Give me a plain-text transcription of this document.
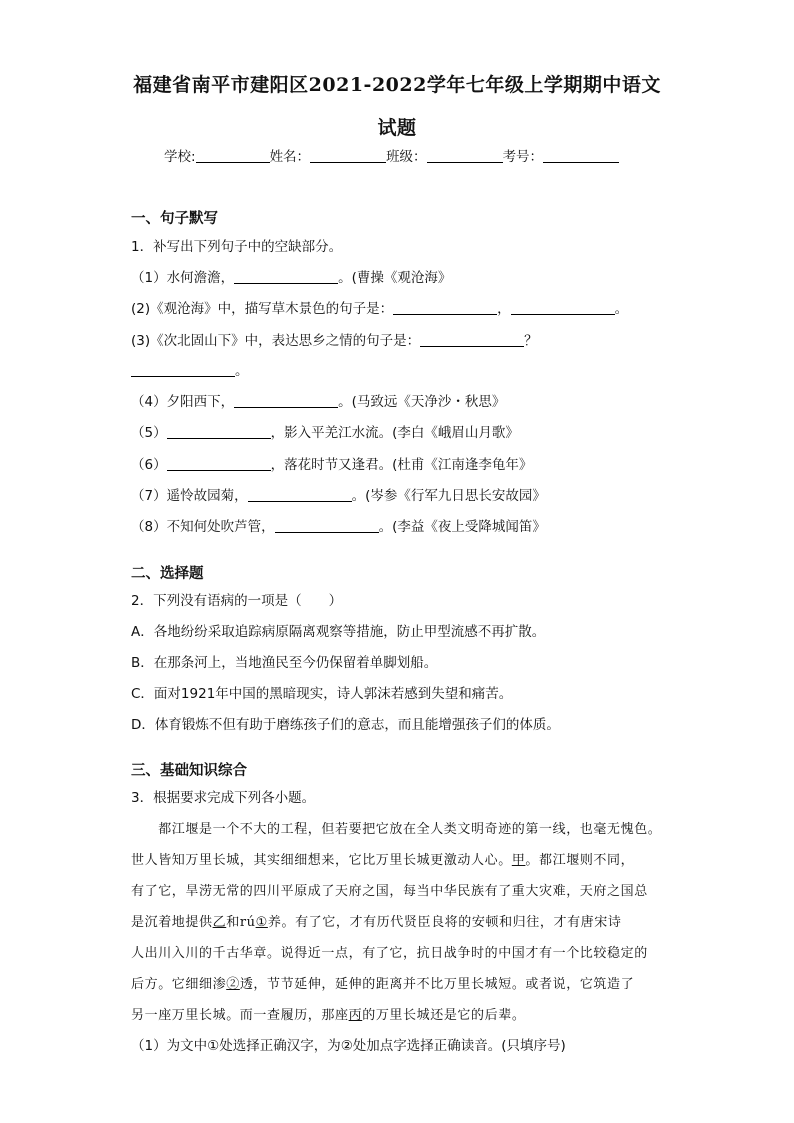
福建省南平市建阳区2021-2022学年七年级上学期期中语文
试题
学校:	姓名：	班级：	考号：
一、句子默写
1．补写出下列句子中的空缺部分。
（1）水何澹澹，	。(曹操《观沧海》
(2)《观沧海》中，描写草木景色的句子是：	，	。
(3)《次北固山下》中，表达思乡之情的句子是：	？
。
（4）夕阳西下，	。(马致远《天净沙・秋思》
（5）	，影入平羌江水流。(李白《峨眉山月歌》
（6）	，落花时节又逢君。(杜甫《江南逢李龟年》
（7）遥怜故园菊，	。(岑参《行军九日思长安故园》
（8）不知何处吹芦管，	。(李益《夜上受降城闻笛》
二、选择题
2．下列没有语病的一项是（　　）
A．各地纷纷采取追踪病原隔离观察等措施，防止甲型流感不再扩散。
B．在那条河上，当地渔民至今仍保留着单脚划船。
C．面对1921年中国的黑暗现实，诗人郭沫若感到失望和痛苦。
D．体育锻炼不但有助于磨练孩子们的意志，而且能增强孩子们的体质。
三、基础知识综合
3．根据要求完成下列各小题。
　　都江堰是一个不大的工程，但若要把它放在全人类文明奇迹的第一线，也毫无愧色。
世人皆知万里长城，其实细细想来，它比万里长城更激动人心。甲。都江堰则不同，
有了它，旱涝无常的四川平原成了天府之国，每当中华民族有了重大灾难，天府之国总
是沉着地提供乙和rú①养。有了它，才有历代贤臣良将的安顿和归往，才有唐宋诗
人出川入川的千古华章。说得近一点，有了它，抗日战争时的中国才有一个比较稳定的
后方。它细细渗②透，节节延伸，延伸的距离并不比万里长城短。或者说，它筑造了
另一座万里长城。而一查履历，那座丙的万里长城还是它的后辈。
（1）为文中①处选择正确汉字，为②处加点字选择正确读音。(只填序号)
